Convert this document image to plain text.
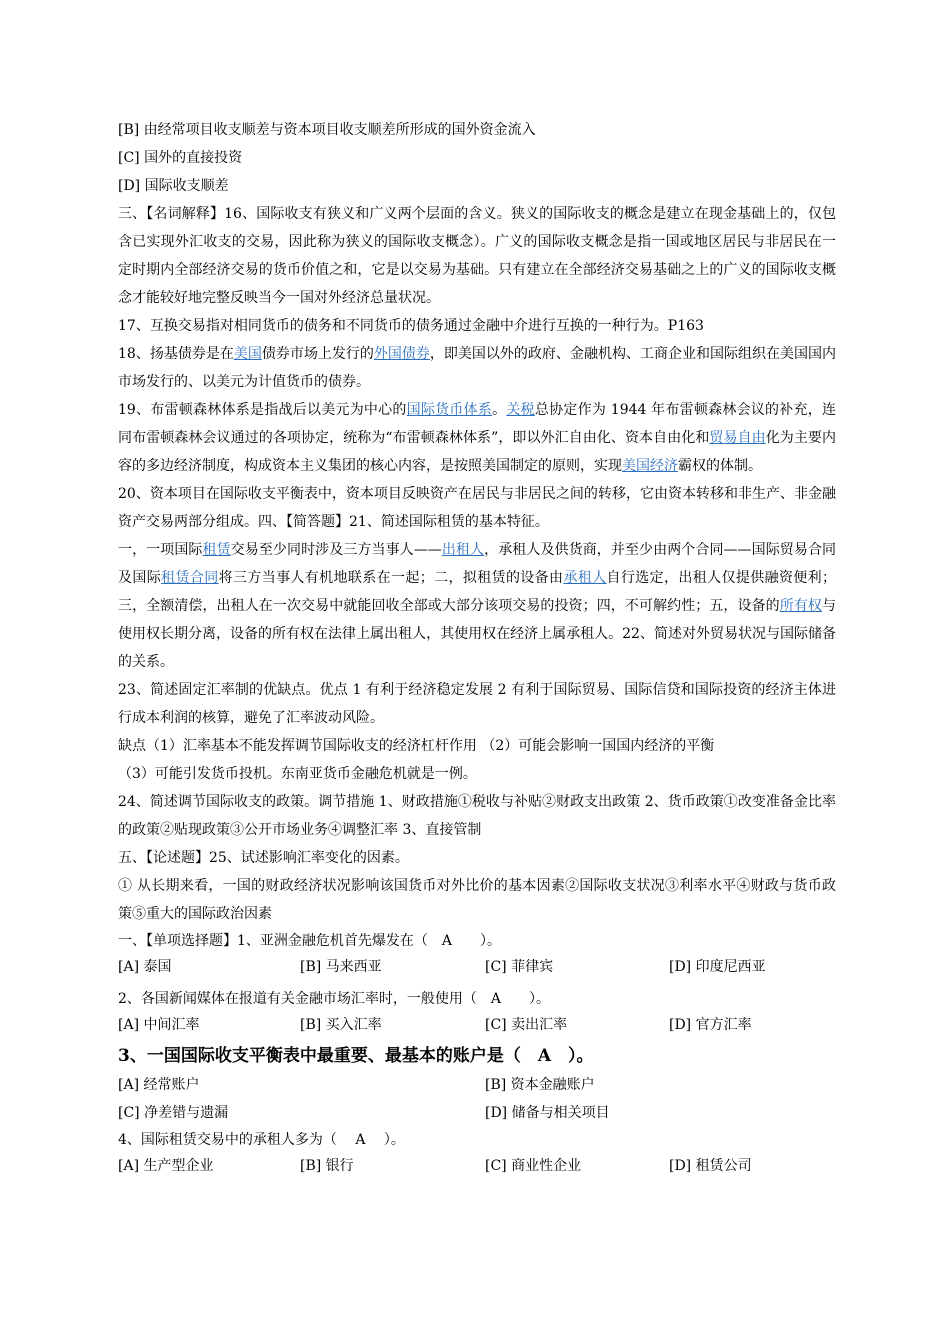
[B] 由经常项目收支顺差与资本项目收支顺差所形成的国外资金流入
[C] 国外的直接投资
[D] 国际收支顺差
三、【名词解释】16、国际收支有狭义和广义两个层面的含义。狭义的国际收支的概念是建立在现金基础上的，仅包含已实现外汇收支的交易，因此称为狭义的国际收支概念）。广义的国际收支概念是指一国或地区居民与非居民在一定时期内全部经济交易的货币价值之和，它是以交易为基础。只有建立在全部经济交易基础之上的广义的国际收支概念才能较好地完整反映当今一国对外经济总量状况。
17、互换交易指对相同货币的债务和不同货币的债务通过金融中介进行互换的一种行为。P163
18、扬基债券是在美国债券市场上发行的外国债券，即美国以外的政府、金融机构、工商企业和国际组织在美国国内市场发行的、以美元为计值货币的债券。
19、布雷顿森林体系是指战后以美元为中心的国际货币体系。关税总协定作为 1944 年布雷顿森林会议的补充，连同布雷顿森林会议通过的各项协定，统称为“布雷顿森林体系”，即以外汇自由化、资本自由化和贸易自由化为主要内容的多边经济制度，构成资本主义集团的核心内容，是按照美国制定的原则，实现美国经济霸权的体制。
20、资本项目在国际收支平衡表中，资本项目反映资产在居民与非居民之间的转移，它由资本转移和非生产、非金融资产交易两部分组成。四、【简答题】21、简述国际租赁的基本特征。
一，一项国际租赁交易至少同时涉及三方当事人——出租人，承租人及供货商，并至少由两个合同——国际贸易合同及国际租赁合同将三方当事人有机地联系在一起；二，拟租赁的设备由承租人自行选定，出租人仅提供融资便利；三，全额清偿，出租人在一次交易中就能回收全部或大部分该项交易的投资；四，不可解约性；五，设备的所有权与使用权长期分离，设备的所有权在法律上属出租人，其使用权在经济上属承租人。22、简述对外贸易状况与国际储备的关系。
23、简述固定汇率制的优缺点。优点 1 有利于经济稳定发展 2 有利于国际贸易、国际信贷和国际投资的经济主体进行成本利润的核算，避免了汇率波动风险。
缺点（1）汇率基本不能发挥调节国际收支的经济杠杆作用 （2）可能会影响一国国内经济的平衡
（3）可能引发货币投机。东南亚货币金融危机就是一例。
24、简述调节国际收支的政策。调节措施 1、财政措施①税收与补贴②财政支出政策 2、货币政策①改变准备金比率的政策②贴现政策③公开市场业务④调整汇率 3、直接管制
五、【论述题】25、试述影响汇率变化的因素。
① 从长期来看，一国的财政经济状况影响该国货币对外比价的基本因素②国际收支状况③利率水平④财政与货币政策⑤重大的国际政治因素
一、【单项选择题】1、亚洲金融危机首先爆发在（　A　　）。
[A] 泰国	[B] 马来西亚	[C] 菲律宾	[D] 印度尼西亚
2、各国新闻媒体在报道有关金融市场汇率时，一般使用（　A　　）。
[A] 中间汇率	[B] 买入汇率	[C] 卖出汇率	[D] 官方汇率
3、一国国际收支平衡表中最重要、最基本的账户是（　A　）。
[A] 经常账户	[B] 资本金融账户
[C] 净差错与遗漏	[D] 储备与相关项目
4、国际租赁交易中的承租人多为（　 A　 ）。
[A] 生产型企业	[B] 银行	[C] 商业性企业	[D] 租赁公司
